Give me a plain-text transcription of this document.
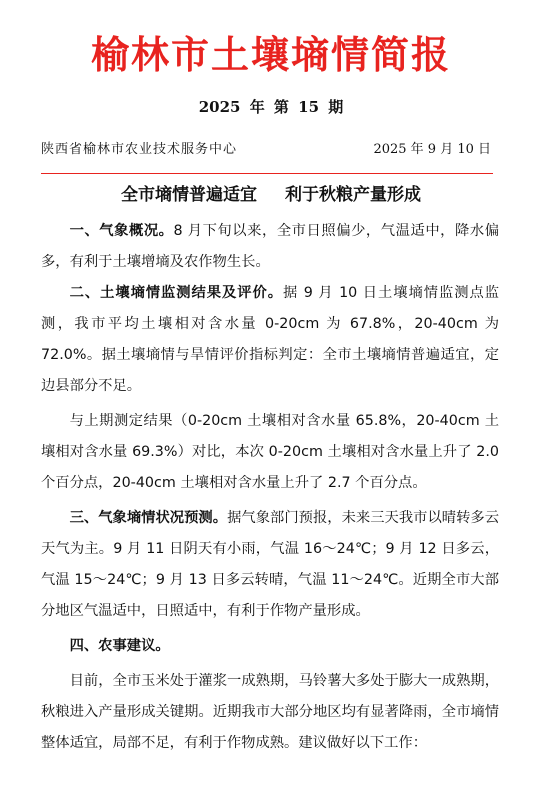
榆林市土壤墒情简报
2025 年 第 15 期
陕西省榆林市农业技术服务中心	2025 年 9 月 10 日
全市墒情普遍适宜 利于秋粮产量形成

一、气象概况。8 月下旬以来，全市日照偏少，气温适中，降水偏多，有利于土壤增墒及农作物生长。

二、土壤墒情监测结果及评价。据 9 月 10 日土壤墒情监测点监测，我市平均土壤相对含水量 0-20cm 为 67.8%，20-40cm 为 72.0%。据土壤墒情与旱情评价指标判定：全市土壤墒情普遍适宜，定边县部分不足。

与上期测定结果（0-20cm 土壤相对含水量 65.8%，20-40cm 土壤相对含水量 69.3%）对比，本次 0-20cm 土壤相对含水量上升了 2.0 个百分点，20-40cm 土壤相对含水量上升了 2.7 个百分点。

三、气象墒情状况预测。据气象部门预报，未来三天我市以晴转多云天气为主。9 月 11 日阴天有小雨，气温 16～24℃；9 月 12 日多云，气温 15～24℃；9 月 13 日多云转晴，气温 11～24℃。近期全市大部分地区气温适中，日照适中，有利于作物产量形成。

四、农事建议。

目前，全市玉米处于灌浆一成熟期，马铃薯大多处于膨大一成熟期，秋粮进入产量形成关键期。近期我市大部分地区均有显著降雨，全市墒情整体适宜，局部不足，有利于作物成熟。建议做好以下工作：
